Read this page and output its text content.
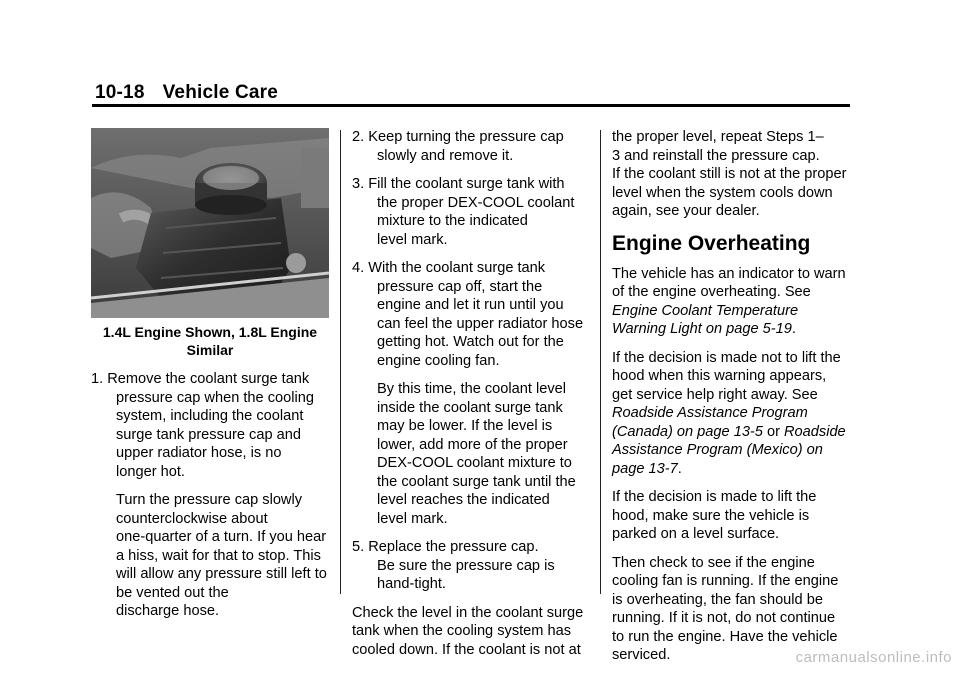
10-18 Vehicle Care
1.4L Engine Shown, 1.8L Engine
Similar
1. Remove the coolant surge tank
pressure cap when the cooling
system, including the coolant
surge tank pressure cap and
upper radiator hose, is no
longer hot.
Turn the pressure cap slowly
counterclockwise about
one-quarter of a turn. If you hear
a hiss, wait for that to stop. This
will allow any pressure still left to
be vented out the
discharge hose.
2. Keep turning the pressure cap
slowly and remove it.
3. Fill the coolant surge tank with
the proper DEX-COOL coolant
mixture to the indicated
level mark.
4. With the coolant surge tank
pressure cap off, start the
engine and let it run until you
can feel the upper radiator hose
getting hot. Watch out for the
engine cooling fan.
By this time, the coolant level
inside the coolant surge tank
may be lower. If the level is
lower, add more of the proper
DEX-COOL coolant mixture to
the coolant surge tank until the
level reaches the indicated
level mark.
5. Replace the pressure cap.
Be sure the pressure cap is
hand-tight.
Check the level in the coolant surge
tank when the cooling system has
cooled down. If the coolant is not at
the proper level, repeat Steps 1–
3 and reinstall the pressure cap.
If the coolant still is not at the proper
level when the system cools down
again, see your dealer.
Engine Overheating
The vehicle has an indicator to warn
of the engine overheating. See
Engine Coolant Temperature
Warning Light on page 5-19.
If the decision is made not to lift the
hood when this warning appears,
get service help right away. See
Roadside Assistance Program
(Canada) on page 13-5 or Roadside
Assistance Program (Mexico) on
page 13-7.
If the decision is made to lift the
hood, make sure the vehicle is
parked on a level surface.
Then check to see if the engine
cooling fan is running. If the engine
is overheating, the fan should be
running. If it is not, do not continue
to run the engine. Have the vehicle
serviced.	carmanualsonline.info
